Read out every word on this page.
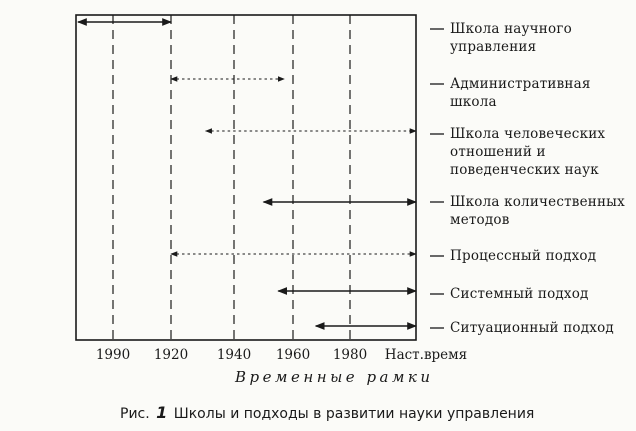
Школа научного
управления
Административная
школа
Школа человеческих
отношений и
поведенческих наук
Школа количественных
методов
Процессный подход
Системный подход
Ситуационный подход
1990 1920 1940 1960 1980 Наст.время
Временные рамки
Рис. 1 Школы и подходы в развитии науки управления
